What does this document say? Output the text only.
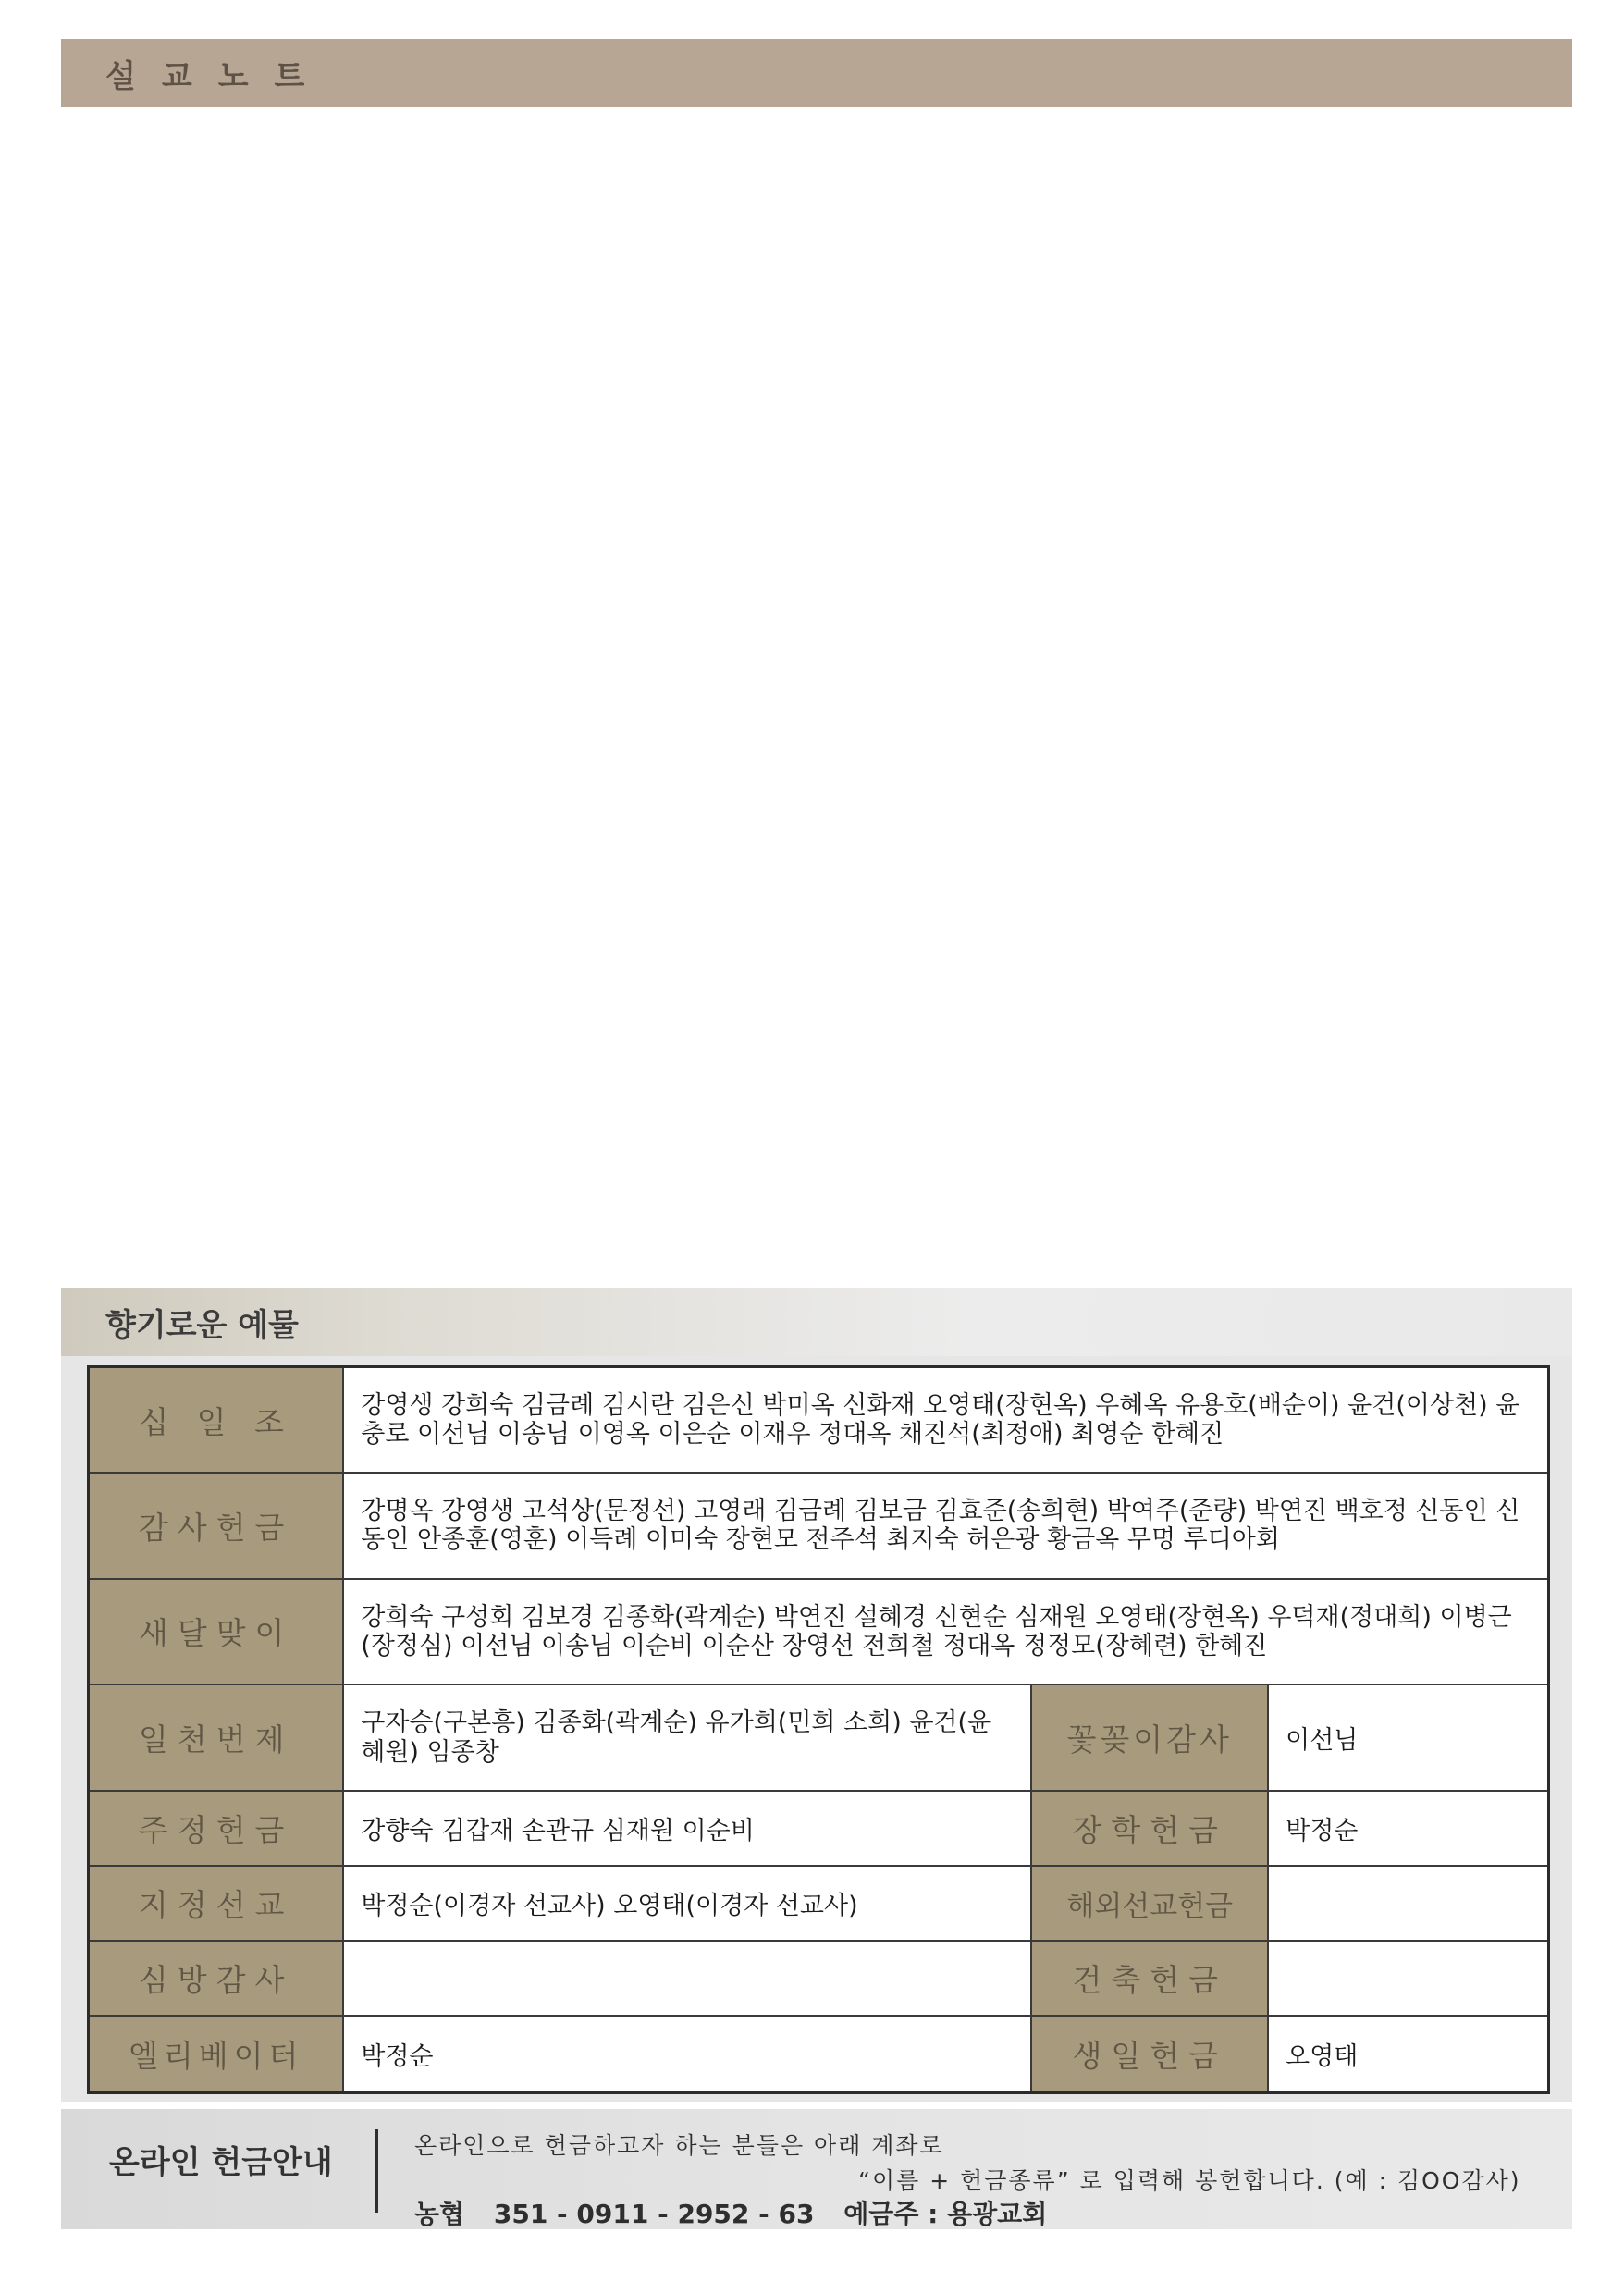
설교노트
향기로운 예물
십 일 조	강영생 강희숙 김금례 김시란 김은신 박미옥 신화재 오영태(장현옥) 우혜옥 유용호(배순이) 윤건(이상천) 윤충로 이선님 이송님 이영옥 이은순 이재우 정대옥 채진석(최정애) 최영순 한혜진		
감사헌금	강명옥 강영생 고석상(문정선) 고영래 김금례 김보금 김효준(송희현) 박여주(준량) 박연진 백호정 신동인 신동인 안종훈(영훈) 이득례 이미숙 장현모 전주석 최지숙 허은광 황금옥 무명 루디아회		
새달맞이	강희숙 구성회 김보경 김종화(곽계순) 박연진 설혜경 신현순 심재원 오영태(장현옥) 우덕재(정대희) 이병근(장정심) 이선님 이송님 이순비 이순산 장영선 전희철 정대옥 정정모(장혜련) 한혜진		
일천번제	구자승(구본흥) 김종화(곽계순) 유가희(민희 소희) 윤건(윤혜원) 임종창	꽃꽂이감사	이선님
주정헌금	강향숙 김갑재 손관규 심재원 이순비	장학헌금	박정순
지정선교	박정순(이경자 선교사) 오영태(이경자 선교사)	해외선교헌금	
심방감사		건축헌금	
엘리베이터	박정순	생일헌금	오영태
온라인 헌금안내	온라인으로 헌금하고자 하는 분들은 아래 계좌로
“이름 + 헌금종류” 로 입력해 봉헌합니다. (예 : 김OO감사)
농협 351 - 0911 - 2952 - 63 예금주 : 용광교회
